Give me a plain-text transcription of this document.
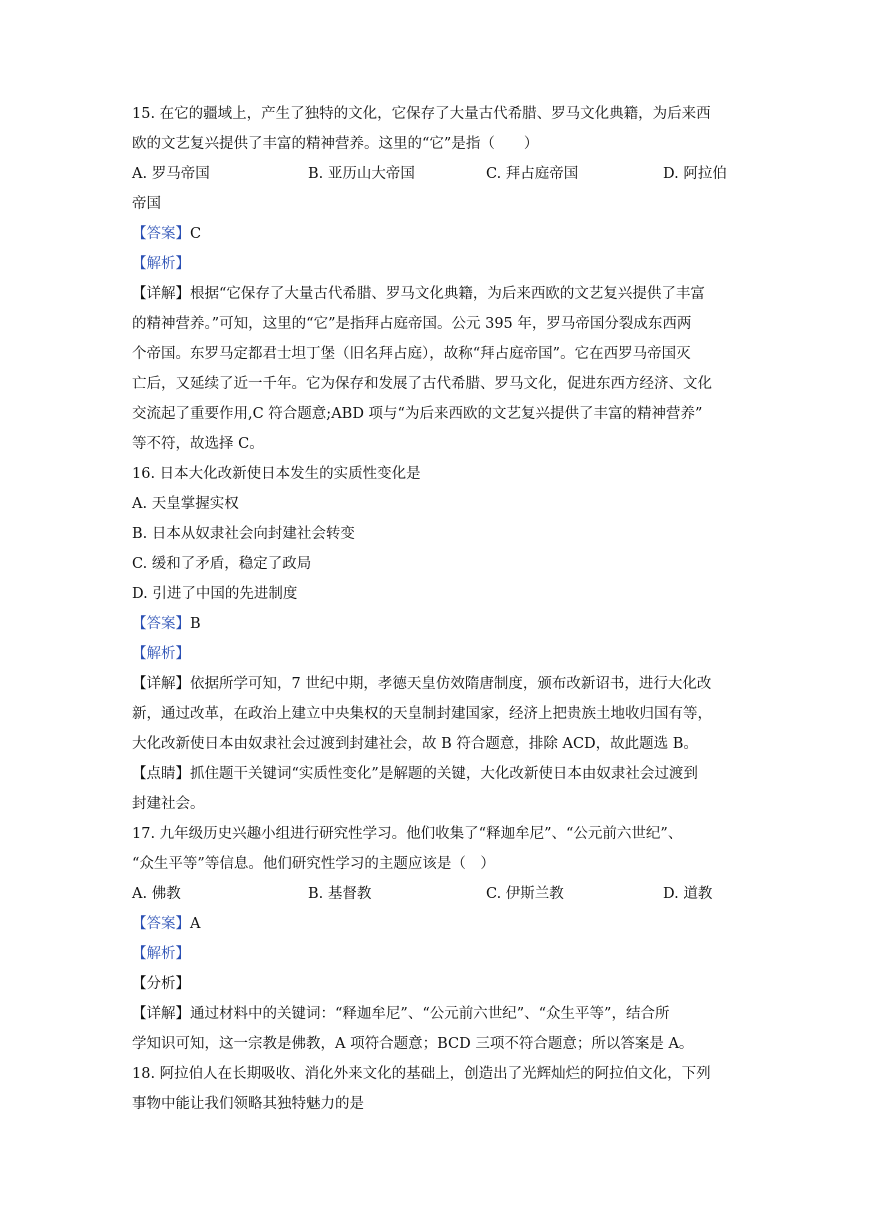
15. 在它的疆域上，产生了独特的文化，它保存了大量古代希腊、罗马文化典籍，为后来西
欧的文艺复兴提供了丰富的精神营养。这里的“它”是指（　　）
A. 罗马帝国	B. 亚历山大帝国	C. 拜占庭帝国	D. 阿拉伯
帝国
【答案】C
【解析】
【详解】根据“它保存了大量古代希腊、罗马文化典籍，为后来西欧的文艺复兴提供了丰富
的精神营养。”可知，这里的“它”是指拜占庭帝国。公元 395 年，罗马帝国分裂成东西两
个帝国。东罗马定都君士坦丁堡（旧名拜占庭），故称“拜占庭帝国”。它在西罗马帝国灭
亡后，又延续了近一千年。它为保存和发展了古代希腊、罗马文化，促进东西方经济、文化
交流起了重要作用,C 符合题意;ABD 项与“为后来西欧的文艺复兴提供了丰富的精神营养”
等不符，故选择 C。
16. 日本大化改新使日本发生的实质性变化是
A. 天皇掌握实权
B. 日本从奴隶社会向封建社会转变
C. 缓和了矛盾，稳定了政局
D. 引进了中国的先进制度
【答案】B
【解析】
【详解】依据所学可知，7 世纪中期，孝德天皇仿效隋唐制度，颁布改新诏书，进行大化改
新，通过改革，在政治上建立中央集权的天皇制封建国家，经济上把贵族土地收归国有等，
大化改新使日本由奴隶社会过渡到封建社会，故 B 符合题意，排除 ACD，故此题选 B。
【点睛】抓住题干关键词“实质性变化”是解题的关键，大化改新使日本由奴隶社会过渡到
封建社会。
17. 九年级历史兴趣小组进行研究性学习。他们收集了“释迦牟尼”、“公元前六世纪”、
“众生平等”等信息。他们研究性学习的主题应该是（　）
A. 佛教	B. 基督教	C. 伊斯兰教	D. 道教
【答案】A
【解析】
【分析】
【详解】通过材料中的关键词：“释迦牟尼”、“公元前六世纪”、“众生平等”，结合所
学知识可知，这一宗教是佛教，A 项符合题意；BCD 三项不符合题意；所以答案是 A。
18. 阿拉伯人在长期吸收、消化外来文化的基础上，创造出了光辉灿烂的阿拉伯文化，下列
事物中能让我们领略其独特魅力的是
